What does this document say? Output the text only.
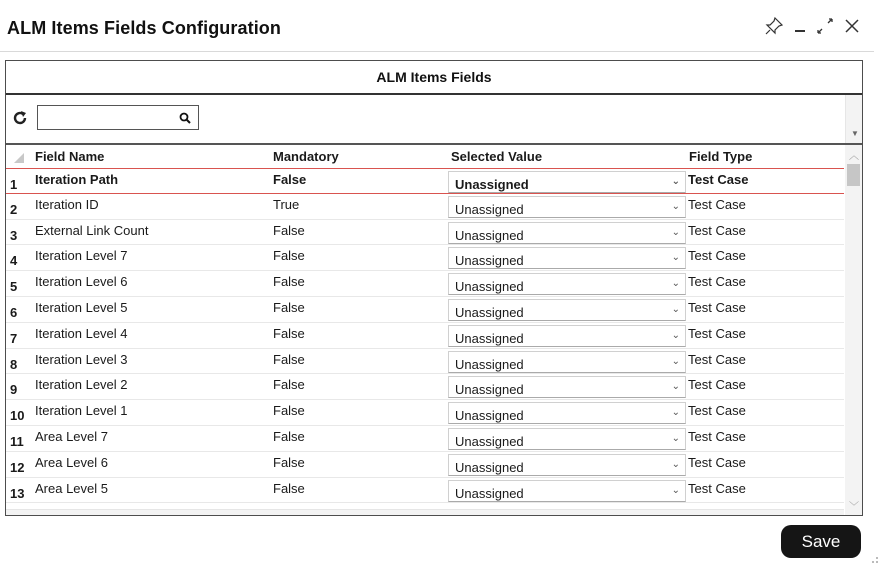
ALM Items Fields Configuration
ALM Items Fields
▼
Field Name	Mandatory	Selected Value	Field Type
1	Iteration Path	False	Unassigned	⌄ Test Case
2	Iteration ID	True	Unassigned	⌄ Test Case
3	External Link Count	False	Unassigned	⌄ Test Case
4	Iteration Level 7	False	Unassigned	⌄ Test Case
5	Iteration Level 6	False	Unassigned	⌄ Test Case
6	Iteration Level 5	False	Unassigned	⌄ Test Case
7	Iteration Level 4	False	Unassigned	⌄ Test Case
8	Iteration Level 3	False	Unassigned	⌄ Test Case
9	Iteration Level 2	False	Unassigned	⌄ Test Case
10 Iteration Level 1	False	Unassigned	⌄ Test Case
11 Area Level 7	False	Unassigned	⌄ Test Case
12 Area Level 6	False	Unassigned	⌄ Test Case
13 Area Level 5	False	Unassigned	⌄ Test Case
︿
﹀
Save
